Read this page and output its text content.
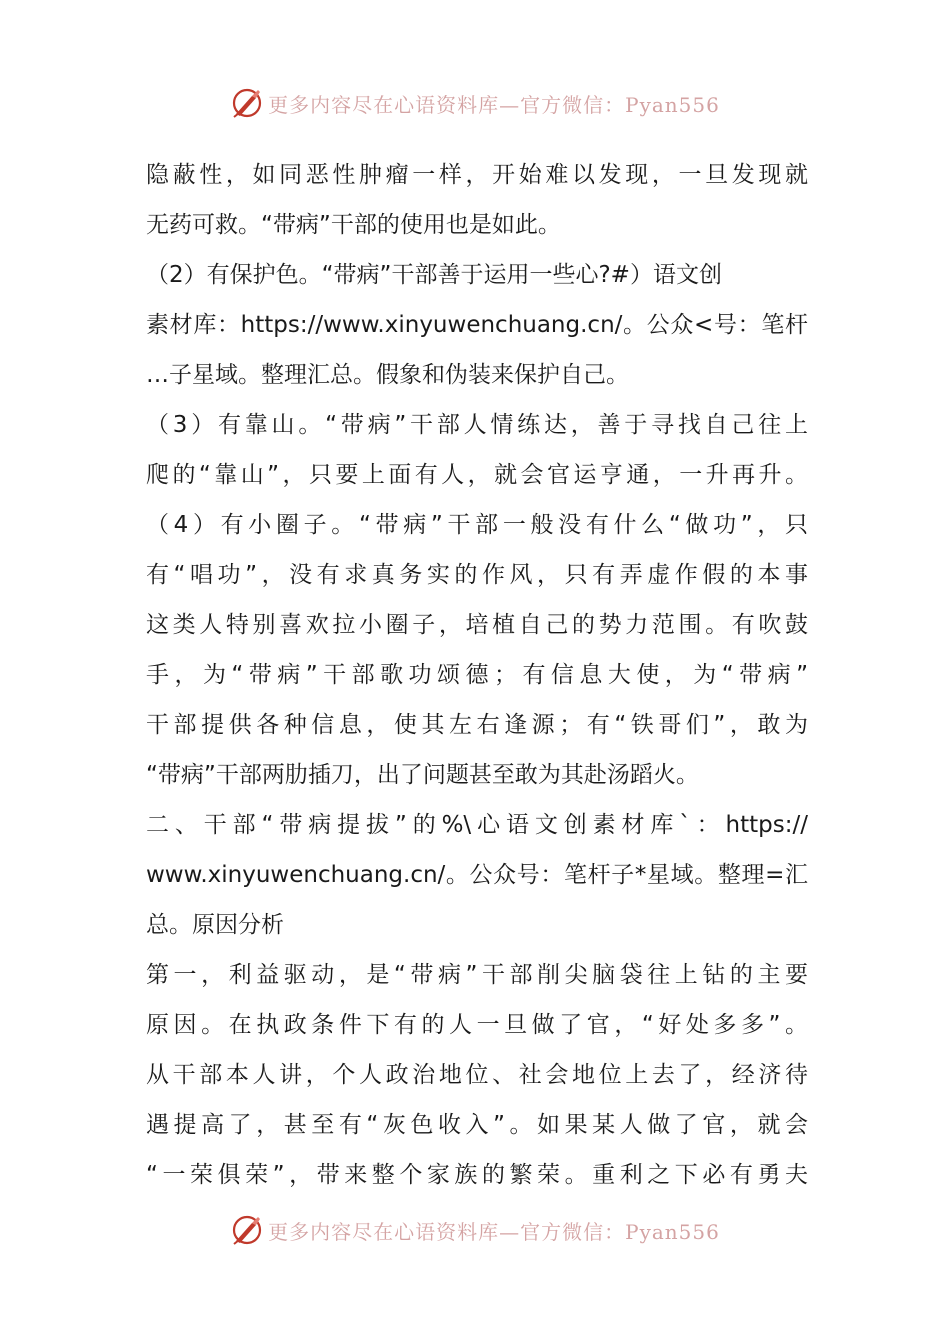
更多内容尽在心语资料库—官方微信：Pyan556
隐蔽性，如同恶性肿瘤一样，开始难以发现，一旦发现就
无药可救。“带病”干部的使用也是如此。
（2）有保护色。“带病”干部善于运用一些心?#）语文创
素材库：https://www.xinyuwenchuang.cn/。公众<号：笔杆
…子星域。整理汇总。假象和伪装来保护自己。
（3）有靠山。“带病”干部人情练达，善于寻找自己往上
爬的“靠山”，只要上面有人，就会官运亨通，一升再升。
（4）有小圈子。“带病”干部一般没有什么“做功”，只
有“唱功”，没有求真务实的作风，只有弄虚作假的本事
这类人特别喜欢拉小圈子，培植自己的势力范围。有吹鼓
手，为“带病”干部歌功颂德；有信息大使，为“带病”
干部提供各种信息，使其左右逢源；有“铁哥们”，敢为
“带病”干部两肋插刀，出了问题甚至敢为其赴汤蹈火。
二、干部“带病提拔”的%\心语文创素材库`：https://
www.xinyuwenchuang.cn/。公众号：笔杆子*星域。整理=汇
总。原因分析
第一，利益驱动，是“带病”干部削尖脑袋往上钻的主要
原因。在执政条件下有的人一旦做了官，“好处多多”。
从干部本人讲，个人政治地位、社会地位上去了，经济待
遇提高了，甚至有“灰色收入”。如果某人做了官，就会
“一荣俱荣”，带来整个家族的繁荣。重利之下必有勇夫
更多内容尽在心语资料库—官方微信：Pyan556
